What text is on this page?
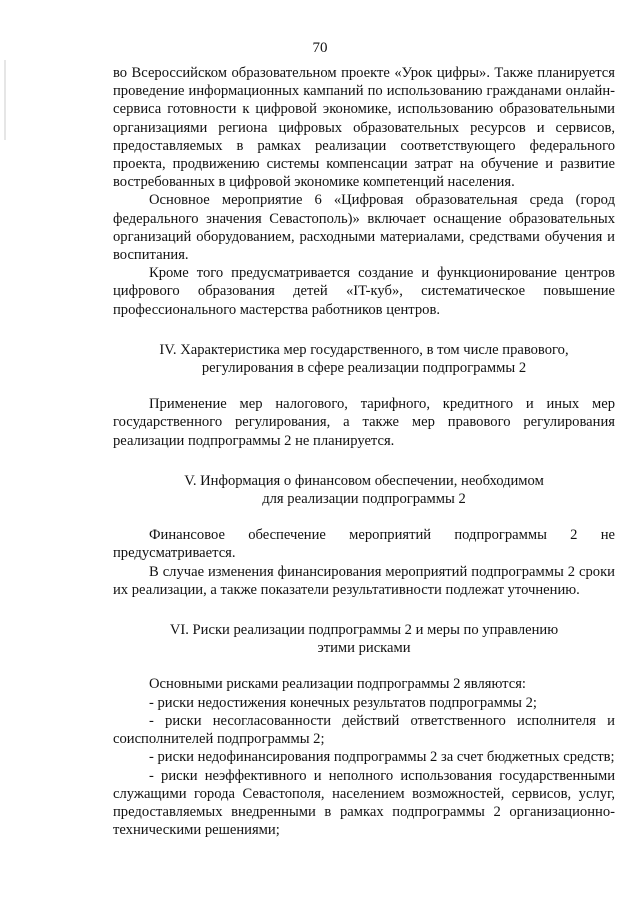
70

во Всероссийском образовательном проекте «Урок цифры». Также планируется проведение информационных кампаний по использованию гражданами онлайн-сервиса готовности к цифровой экономике, использованию образовательными организациями региона цифровых образовательных ресурсов и сервисов, предоставляемых в рамках реализации соответствующего федерального проекта, продвижению системы компенсации затрат на обучение и развитие востребованных в цифровой экономике компетенций населения.

Основное мероприятие 6 «Цифровая образовательная среда (город федерального значения Севастополь)» включает оснащение образовательных организаций оборудованием, расходными материалами, средствами обучения и воспитания.

Кроме того предусматривается создание и функционирование центров цифрового образования детей «IT-куб», систематическое повышение профессионального мастерства работников центров.

IV. Характеристика мер государственного, в том числе правового,

регулирования в сфере реализации подпрограммы 2

Применение мер налогового, тарифного, кредитного и иных мер государственного регулирования, а также мер правового регулирования реализации подпрограммы 2 не планируется.

V. Информация о финансовом обеспечении, необходимом

для реализации подпрограммы 2

Финансовое обеспечение мероприятий подпрограммы 2 не предусматривается.

В случае изменения финансирования мероприятий подпрограммы 2 сроки их реализации, а также показатели результативности подлежат уточнению.

VI. Риски реализации подпрограммы 2 и меры по управлению

этими рисками

Основными рисками реализации подпрограммы 2 являются:

- риски недостижения конечных результатов подпрограммы 2;

- риски несогласованности действий ответственного исполнителя и соисполнителей подпрограммы 2;

- риски недофинансирования подпрограммы 2 за счет бюджетных средств;

- риски неэффективного и неполного использования государственными служащими города Севастополя, населением возможностей, сервисов, услуг, предоставляемых внедренными в рамках подпрограммы 2 организационно-техническими решениями;
